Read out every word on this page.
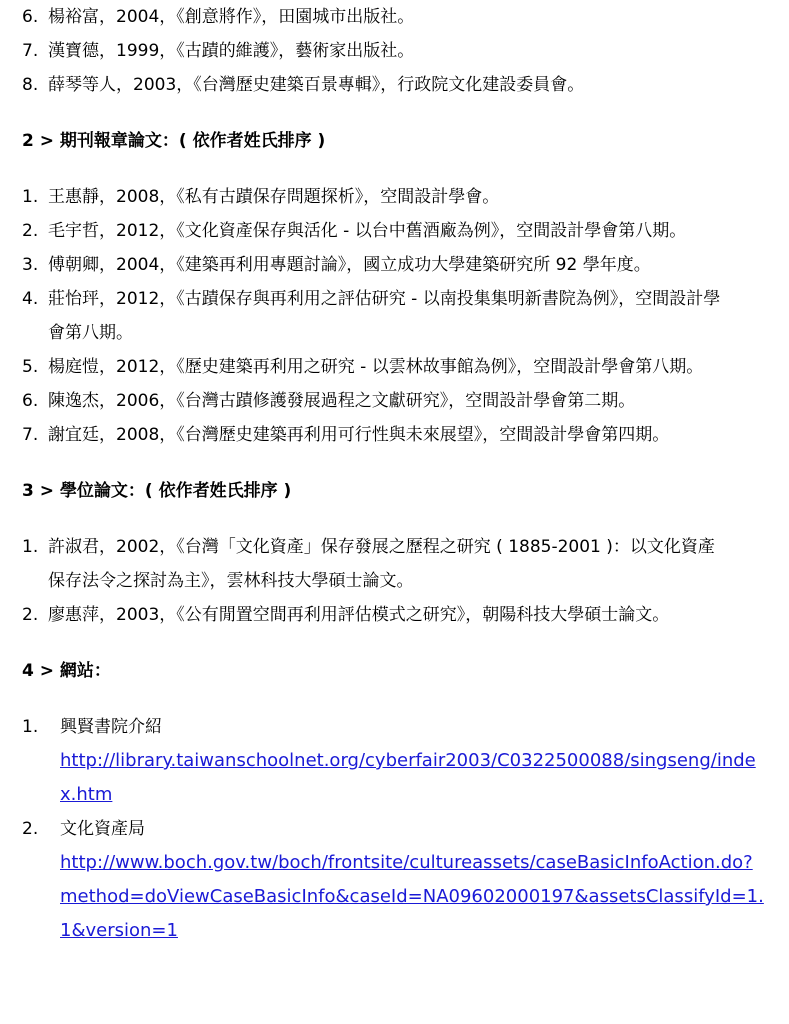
6. 楊裕富，2004，《創意將作》，田園城市出版社。
7. 漢寶德，1999，《古蹟的維護》，藝術家出版社。
8. 薛琴等人，2003，《台灣歷史建築百景專輯》，行政院文化建設委員會。
2 > 期刊報章論文：( 依作者姓氏排序 )
1. 王惠靜，2008，《私有古蹟保存問題探析》，空間設計學會。
2. 毛宇哲，2012，《文化資產保存與活化 - 以台中舊酒廠為例》，空間設計學會第八期。
3. 傅朝卿，2004，《建築再利用專題討論》，國立成功大學建築研究所 92 學年度。
4. 莊怡玶，2012，《古蹟保存與再利用之評估研究 - 以南投集集明新書院為例》，空間設計學會第八期。
5. 楊庭愷，2012，《歷史建築再利用之研究 - 以雲林故事館為例》，空間設計學會第八期。
6. 陳逸杰，2006，《台灣古蹟修護發展過程之文獻研究》，空間設計學會第二期。
7. 謝宜廷，2008，《台灣歷史建築再利用可行性與未來展望》，空間設計學會第四期。
3 > 學位論文：( 依作者姓氏排序 )
1. 許淑君，2002，《台灣「文化資產」保存發展之歷程之研究 ( 1885-2001 )：以文化資產保存法令之探討為主》，雲林科技大學碩士論文。
2. 廖惠萍，2003，《公有閒置空間再利用評估模式之研究》，朝陽科技大學碩士論文。
4 > 網站：
1. 興賢書院介紹
http://library.taiwanschoolnet.org/cyberfair2003/C0322500088/singseng/index.htm
2. 文化資產局
http://www.boch.gov.tw/boch/frontsite/cultureassets/caseBasicInfoAction.do?method=doViewCaseBasicInfo&caseId=NA09602000197&assetsClassifyId=1.1&version=1
